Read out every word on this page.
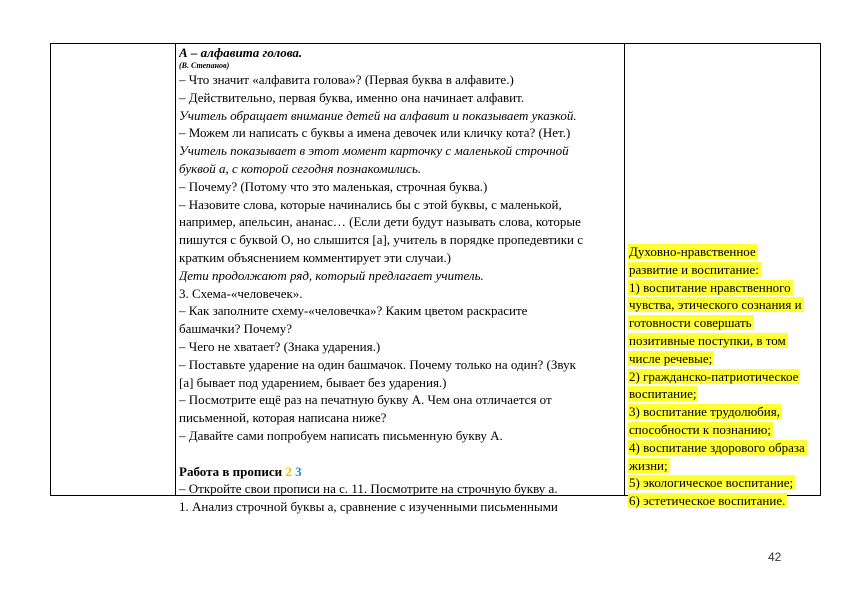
А – алфавита голова.
(В. Степанов)
– Что значит «алфавита голова»? (Первая буква в алфавите.)
– Действительно, первая буква, именно она начинает алфавит.
Учитель обращает внимание детей на алфавит и показывает указкой.
– Можем ли написать с буквы а имена девочек или кличку кота? (Нет.)
Учитель показывает в этот момент карточку с маленькой строчной
буквой а, с которой сегодня познакомились.
– Почему? (Потому что это маленькая, строчная буква.)
– Назовите слова, которые начинались бы с этой буквы, с маленькой,
например, апельсин, ананас… (Если дети будут называть слова, которые
пишутся с буквой О, но слышится [а], учитель в порядке пропедевтики с
кратким объяснением комментирует эти случаи.)
Дети продолжают ряд, который предлагает учитель.
3. Схема-«человечек».
– Как заполните схему-«человечка»? Каким цветом раскрасите
башмачки? Почему?
– Чего не хватает? (Знака ударения.)
– Поставьте ударение на один башмачок. Почему только на один? (Звук
[а] бывает под ударением, бывает без ударения.)
– Посмотрите ещё раз на печатную букву А. Чем она отличается от
письменной, которая написана ниже?
– Давайте сами попробуем написать письменную букву А.
Работа в прописи 2 3
– Откройте свои прописи на с. 11. Посмотрите на строчную букву а.
1. Анализ строчной буквы а, сравнение с изученными письменными
Духовно-нравственное
развитие и воспитание:
1) воспитание нравственного
чувства, этического сознания и
готовности совершать
позитивные поступки, в том
числе речевые;
2) гражданско-патриотическое
воспитание;
3) воспитание трудолюбия,
способности к познанию;
4) воспитание здорового образа
жизни;
5) экологическое воспитание;
6) эстетическое воспитание.
42
